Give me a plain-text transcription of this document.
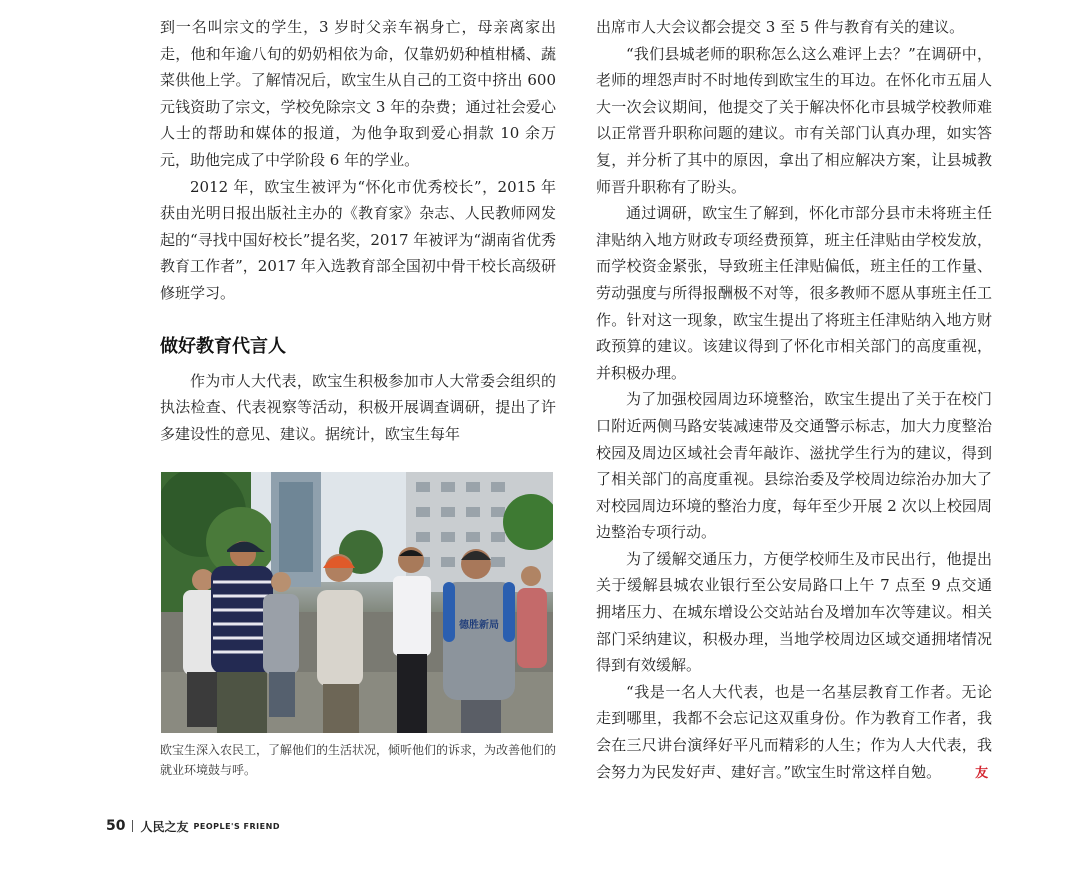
到一名叫宗文的学生，3 岁时父亲车祸身亡，母亲离家出走，他和年逾八旬的奶奶相依为命，仅靠奶奶种植柑橘、蔬菜供他上学。了解情况后，欧宝生从自己的工资中挤出 600 元钱资助了宗文，学校免除宗文 3 年的杂费；通过社会爱心人士的帮助和媒体的报道，为他争取到爱心捐款 10 余万元，助他完成了中学阶段 6 年的学业。

2012 年，欧宝生被评为“怀化市优秀校长”，2015 年获由光明日报出版社主办的《教育家》杂志、人民教师网发起的“寻找中国好校长”提名奖，2017 年被评为“湖南省优秀教育工作者”，2017 年入选教育部全国初中骨干校长高级研修班学习。

做好教育代言人

作为市人大代表，欧宝生积极参加市人大常委会组织的执法检查、代表视察等活动，积极开展调查调研，提出了许多建设性的意见、建议。据统计，欧宝生每年

德胜新局
欧宝生深入农民工，了解他们的生活状况，倾听他们的诉求，为改善他们的就业环境鼓与呼。

出席市人大会议都会提交 3 至 5 件与教育有关的建议。

“我们县城老师的职称怎么这么难评上去？”在调研中，老师的埋怨声时不时地传到欧宝生的耳边。在怀化市五届人大一次会议期间，他提交了关于解决怀化市县城学校教师难以正常晋升职称问题的建议。市有关部门认真办理，如实答复，并分析了其中的原因，拿出了相应解决方案，让县城教师晋升职称有了盼头。

通过调研，欧宝生了解到，怀化市部分县市未将班主任津贴纳入地方财政专项经费预算，班主任津贴由学校发放，而学校资金紧张，导致班主任津贴偏低，班主任的工作量、劳动强度与所得报酬极不对等，很多教师不愿从事班主任工作。针对这一现象，欧宝生提出了将班主任津贴纳入地方财政预算的建议。该建议得到了怀化市相关部门的高度重视，并积极办理。

为了加强校园周边环境整治，欧宝生提出了关于在校门口附近两侧马路安装减速带及交通警示标志，加大力度整治校园及周边区域社会青年敲诈、滋扰学生行为的建议，得到了相关部门的高度重视。县综治委及学校周边综治办加大了对校园周边环境的整治力度，每年至少开展 2 次以上校园周边整治专项行动。

为了缓解交通压力，方便学校师生及市民出行，他提出关于缓解县城农业银行至公安局路口上午 7 点至 9 点交通拥堵压力、在城东增设公交站站台及增加车次等建议。相关部门采纳建议，积极办理，当地学校周边区域交通拥堵情况得到有效缓解。

“我是一名人大代表，也是一名基层教育工作者。无论走到哪里，我都不会忘记这双重身份。作为教育工作者，我会在三尺讲台演绎好平凡而精彩的人生；作为人大代表，我会努力为民发好声、建好言。”欧宝生时常这样自勉。	友

50 人民之友 PEOPLE'S FRIEND
